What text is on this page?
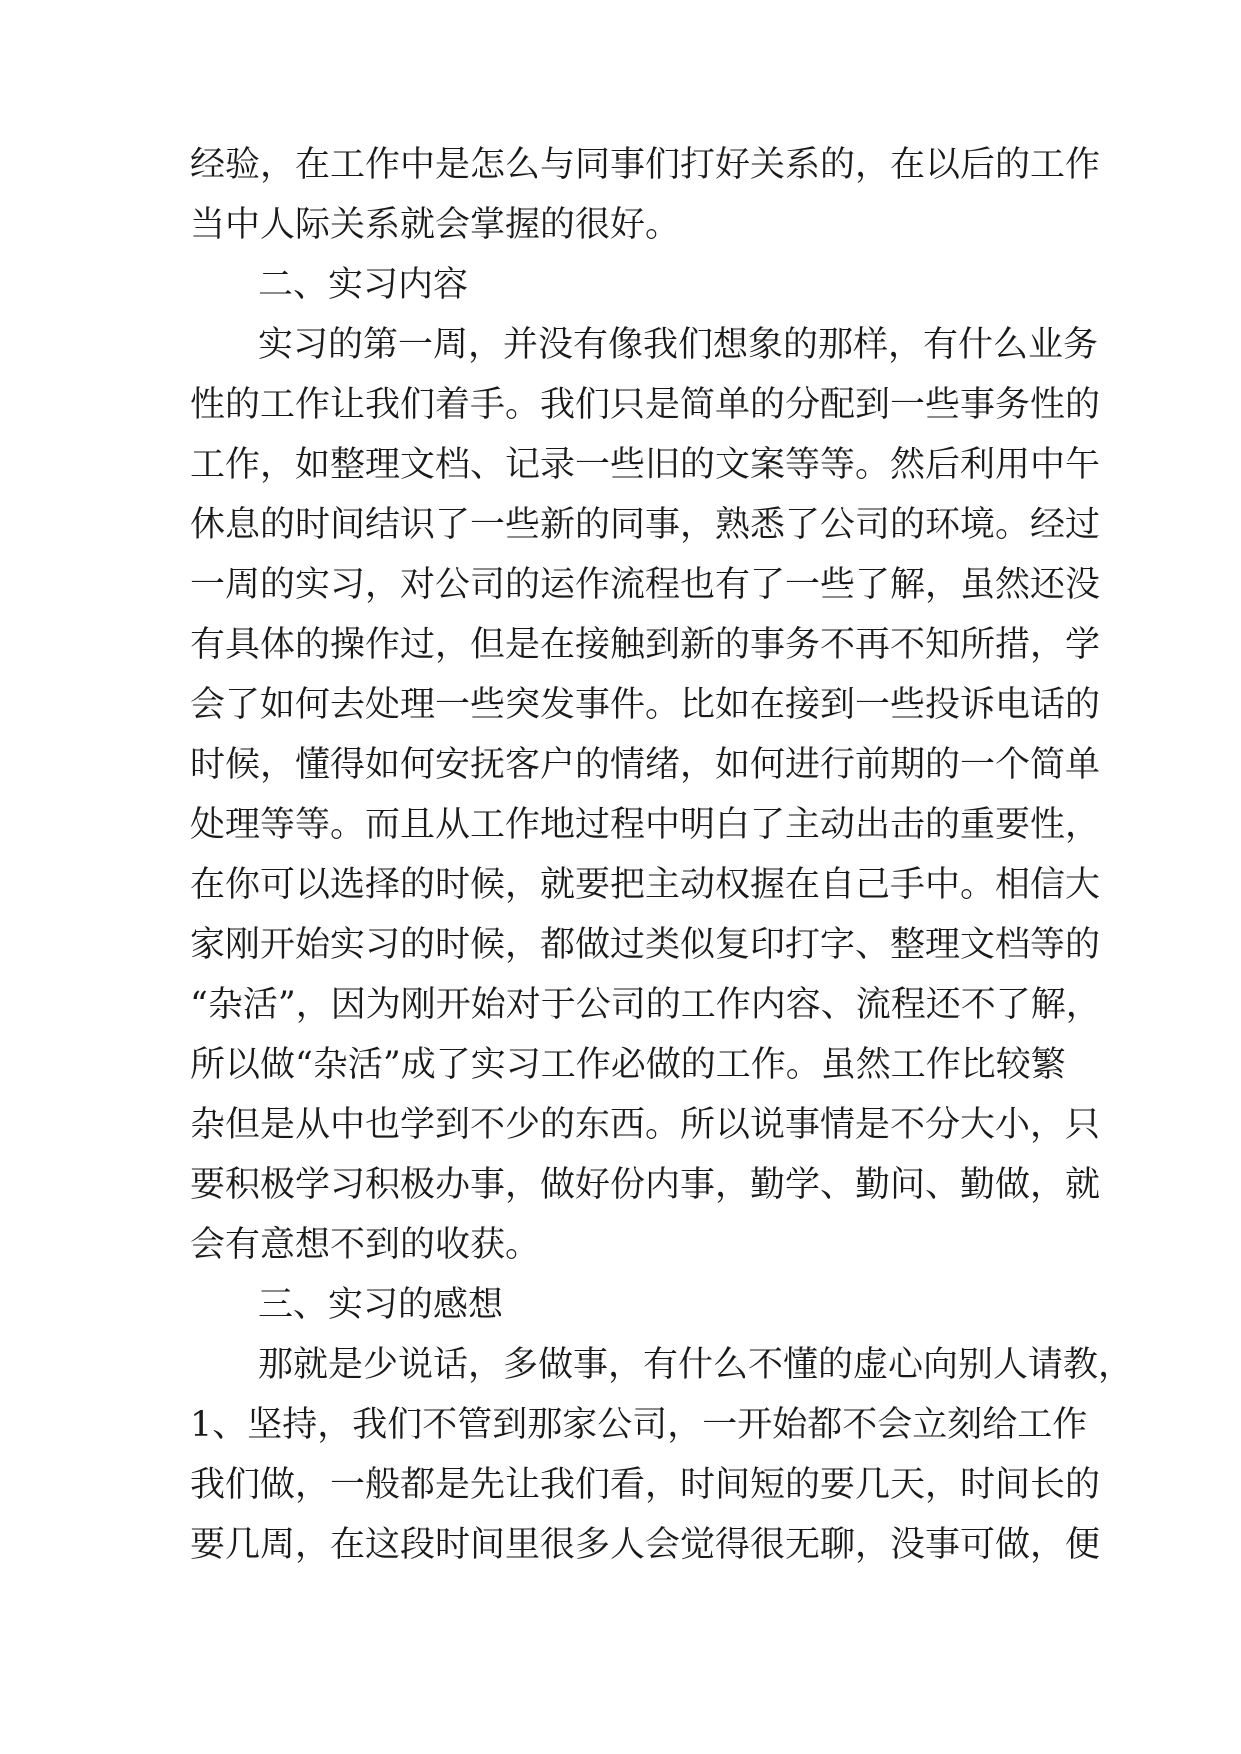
经验，在工作中是怎么与同事们打好关系的，在以后的工作
当中人际关系就会掌握的很好。
二、实习内容
实习的第一周，并没有像我们想象的那样，有什么业务
性的工作让我们着手。我们只是简单的分配到一些事务性的
工作，如整理文档、记录一些旧的文案等等。然后利用中午
休息的时间结识了一些新的同事，熟悉了公司的环境。经过
一周的实习，对公司的运作流程也有了一些了解，虽然还没
有具体的操作过，但是在接触到新的事务不再不知所措，学
会了如何去处理一些突发事件。比如在接到一些投诉电话的
时候，懂得如何安抚客户的情绪，如何进行前期的一个简单
处理等等。而且从工作地过程中明白了主动出击的重要性，
在你可以选择的时候，就要把主动权握在自己手中。相信大
家刚开始实习的时候，都做过类似复印打字、整理文档等的
“杂活”，因为刚开始对于公司的工作内容、流程还不了解，
所以做“杂活”成了实习工作必做的工作。虽然工作比较繁
杂但是从中也学到不少的东西。所以说事情是不分大小，只
要积极学习积极办事，做好份内事，勤学、勤问、勤做，就
会有意想不到的收获。
三、实习的感想
那就是少说话，多做事，有什么不懂的虚心向别人请教，
1、坚持，我们不管到那家公司，一开始都不会立刻给工作
我们做，一般都是先让我们看，时间短的要几天，时间长的
要几周，在这段时间里很多人会觉得很无聊，没事可做，便
